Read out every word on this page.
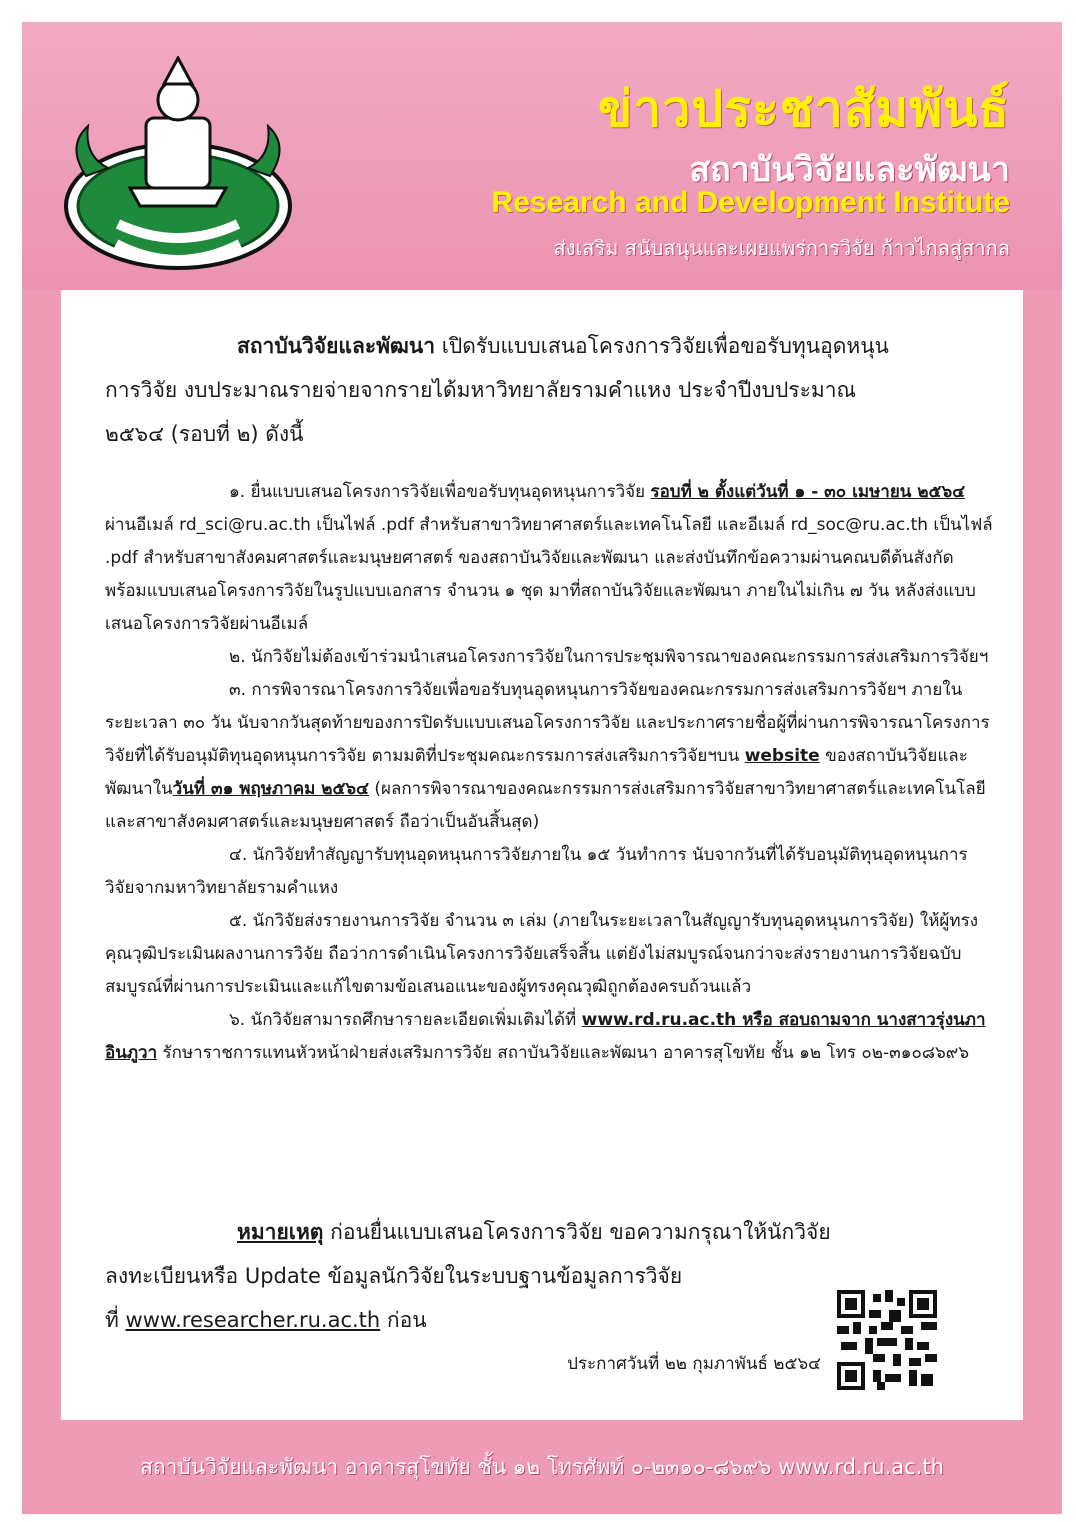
ข่าวประชาสัมพันธ์
สถาบันวิจัยและพัฒนา
Research and Development Institute
ส่งเสริม สนับสนุนและเผยแพร่การวิจัย ก้าวไกลสู่สากล
สถาบันวิจัยและพัฒนา เปิดรับแบบเสนอโครงการวิจัยเพื่อขอรับทุนอุดหนุน
การวิจัย งบประมาณรายจ่ายจากรายได้มหาวิทยาลัยรามคำแหง ประจำปีงบประมาณ
๒๕๖๔ (รอบที่ ๒) ดังนี้

๑. ยื่นแบบเสนอโครงการวิจัยเพื่อขอรับทุนอุดหนุนการวิจัย รอบที่ ๒ ตั้งแต่วันที่ ๑ - ๓๐ เมษายน ๒๕๖๔ ผ่านอีเมล์ rd_sci@ru.ac.th เป็นไฟล์ .pdf สำหรับสาขาวิทยาศาสตร์และเทคโนโลยี และอีเมล์ rd_soc@ru.ac.th เป็นไฟล์ .pdf สำหรับสาขาสังคมศาสตร์และมนุษยศาสตร์ ของสถาบันวิจัยและพัฒนา และส่งบันทึกข้อความผ่านคณบดีต้นสังกัดพร้อมแบบเสนอโครงการวิจัยในรูปแบบเอกสาร จำนวน ๑ ชุด มาที่สถาบันวิจัยและพัฒนา ภายในไม่เกิน ๗ วัน หลังส่งแบบเสนอโครงการวิจัยผ่านอีเมล์

๒. นักวิจัยไม่ต้องเข้าร่วมนำเสนอโครงการวิจัยในการประชุมพิจารณาของคณะกรรมการส่งเสริมการวิจัยฯ

๓. การพิจารณาโครงการวิจัยเพื่อขอรับทุนอุดหนุนการวิจัยของคณะกรรมการส่งเสริมการวิจัยฯ ภายในระยะเวลา ๓๐ วัน นับจากวันสุดท้ายของการปิดรับแบบเสนอโครงการวิจัย และประกาศรายชื่อผู้ที่ผ่านการพิจารณาโครงการวิจัยที่ได้รับอนุมัติทุนอุดหนุนการวิจัย ตามมติที่ประชุมคณะกรรมการส่งเสริมการวิจัยฯบน website ของสถาบันวิจัยและพัฒนาในวันที่ ๓๑ พฤษภาคม ๒๕๖๔ (ผลการพิจารณาของคณะกรรมการส่งเสริมการวิจัยสาขาวิทยาศาสตร์และเทคโนโลยี และสาขาสังคมศาสตร์และมนุษยศาสตร์ ถือว่าเป็นอันสิ้นสุด)

๔. นักวิจัยทำสัญญารับทุนอุดหนุนการวิจัยภายใน ๑๕ วันทำการ นับจากวันที่ได้รับอนุมัติทุนอุดหนุนการวิจัยจากมหาวิทยาลัยรามคำแหง

๕. นักวิจัยส่งรายงานการวิจัย จำนวน ๓ เล่ม (ภายในระยะเวลาในสัญญารับทุนอุดหนุนการวิจัย) ให้ผู้ทรงคุณวุฒิประเมินผลงานการวิจัย ถือว่าการดำเนินโครงการวิจัยเสร็จสิ้น แต่ยังไม่สมบูรณ์จนกว่าจะส่งรายงานการวิจัยฉบับสมบูรณ์ที่ผ่านการประเมินและแก้ไขตามข้อเสนอแนะของผู้ทรงคุณวุฒิถูกต้องครบถ้วนแล้ว

๖. นักวิจัยสามารถศึกษารายละเอียดเพิ่มเติมได้ที่ www.rd.ru.ac.th หรือ สอบถามจาก นางสาวรุ่งนภา อินภูวา รักษาราชการแทนหัวหน้าฝ่ายส่งเสริมการวิจัย สถาบันวิจัยและพัฒนา อาคารสุโขทัย ชั้น ๑๒ โทร ๐๒-๓๑๐๘๖๙๖

หมายเหตุ ก่อนยื่นแบบเสนอโครงการวิจัย ขอความกรุณาให้นักวิจัย
ลงทะเบียนหรือ Update ข้อมูลนักวิจัยในระบบฐานข้อมูลการวิจัย
ที่ www.researcher.ru.ac.th ก่อน
ประกาศวันที่ ๒๒ กุมภาพันธ์ ๒๕๖๔
สถาบันวิจัยและพัฒนา อาคารสุโขทัย ชั้น ๑๒ โทรศัพท์ ๐-๒๓๑๐-๘๖๙๖ www.rd.ru.ac.th
